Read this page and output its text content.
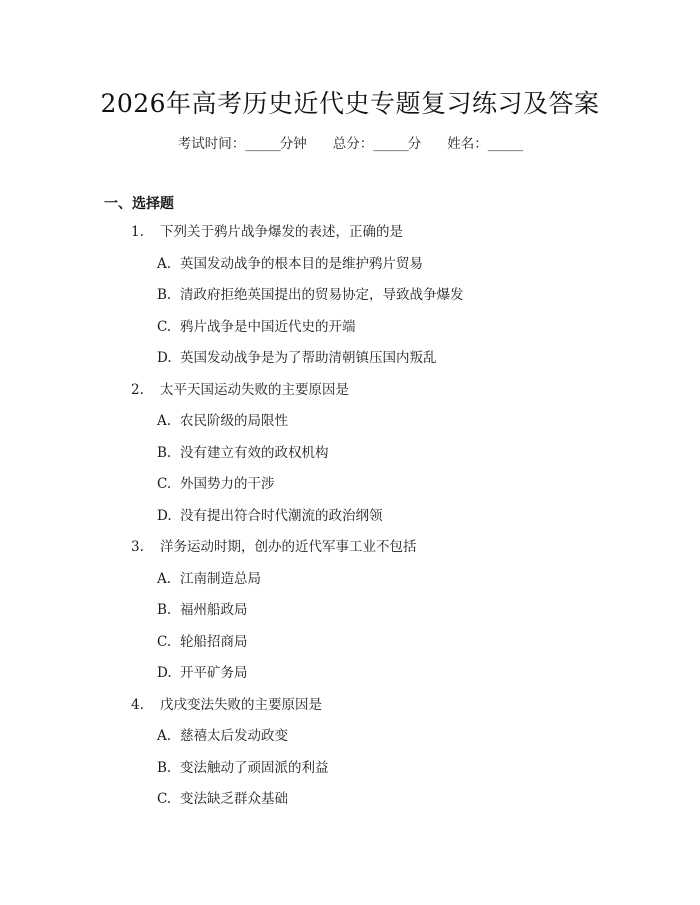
2026年高考历史近代史专题复习练习及答案
考试时间：______分钟 总分：______分 姓名：______
一、选择题
1. 下列关于鸦片战争爆发的表述，正确的是
A. 英国发动战争的根本目的是维护鸦片贸易
B. 清政府拒绝英国提出的贸易协定，导致战争爆发
C. 鸦片战争是中国近代史的开端
D. 英国发动战争是为了帮助清朝镇压国内叛乱
2. 太平天国运动失败的主要原因是
A. 农民阶级的局限性
B. 没有建立有效的政权机构
C. 外国势力的干涉
D. 没有提出符合时代潮流的政治纲领
3. 洋务运动时期，创办的近代军事工业不包括
A. 江南制造总局
B. 福州船政局
C. 轮船招商局
D. 开平矿务局
4. 戊戌变法失败的主要原因是
A. 慈禧太后发动政变
B. 变法触动了顽固派的利益
C. 变法缺乏群众基础
